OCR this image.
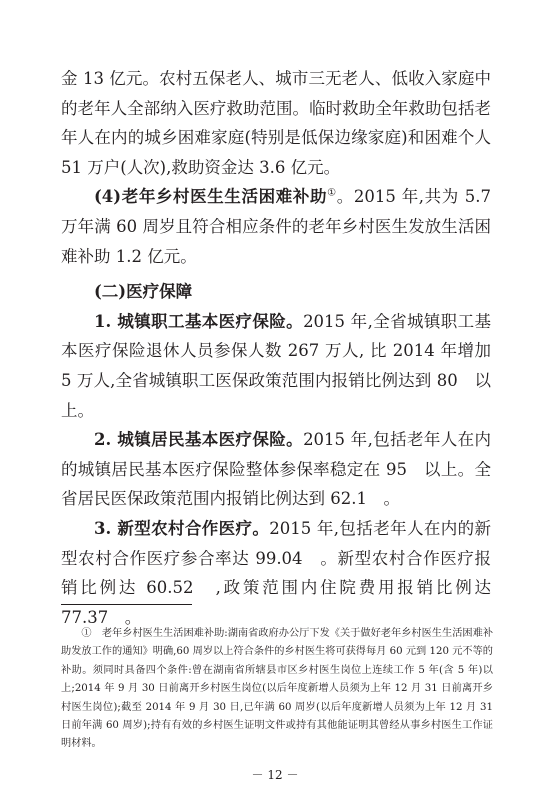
金 13 亿元。农村五保老人、城市三无老人、低收入家庭中的老年人全部纳入医疗救助范围。临时救助全年救助包括老年人在内的城乡困难家庭(特别是低保边缘家庭)和困难个人 51 万户(人次),救助资金达 3.6 亿元。

(4)老年乡村医生生活困难补助①。2015 年,共为 5.7 万年满 60 周岁且符合相应条件的老年乡村医生发放生活困难补助 1.2 亿元。

(二)医疗保障

1. 城镇职工基本医疗保险。2015 年,全省城镇职工基本医疗保险退休人员参保人数 267 万人, 比 2014 年增加 5 万人,全省城镇职工医保政策范围内报销比例达到 80　以上。

2. 城镇居民基本医疗保险。2015 年,包括老年人在内的城镇居民基本医疗保险整体参保率稳定在 95　以上。全省居民医保政策范围内报销比例达到 62.1　。

3. 新型农村合作医疗。2015 年,包括老年人在内的新型农村合作医疗参合率达 99.04　。新型农村合作医疗报销比例达 60.52　,政策范围内住院费用报销比例达 77.37　。

①　 老年乡村医生生活困难补助:湖南省政府办公厅下发《关于做好老年乡村医生生活困难补助发放工作的通知》明确,60 周岁以上符合条件的乡村医生将可获得每月 60 元到 120 元不等的补助。须同时具备四个条件:曾在湖南省所辖县市区乡村医生岗位上连续工作 5 年(含 5 年)以上;2014 年 9 月 30 日前离开乡村医生岗位(以后年度新增人员须为上年 12 月 31 日前离开乡村医生岗位);截至 2014 年 9 月 30 日,已年满 60 周岁(以后年度新增人员须为上年 12 月 31 日前年满 60 周岁);持有有效的乡村医生证明文件或持有其他能证明其曾经从事乡村医生工作证明材料。

－ 12 －
